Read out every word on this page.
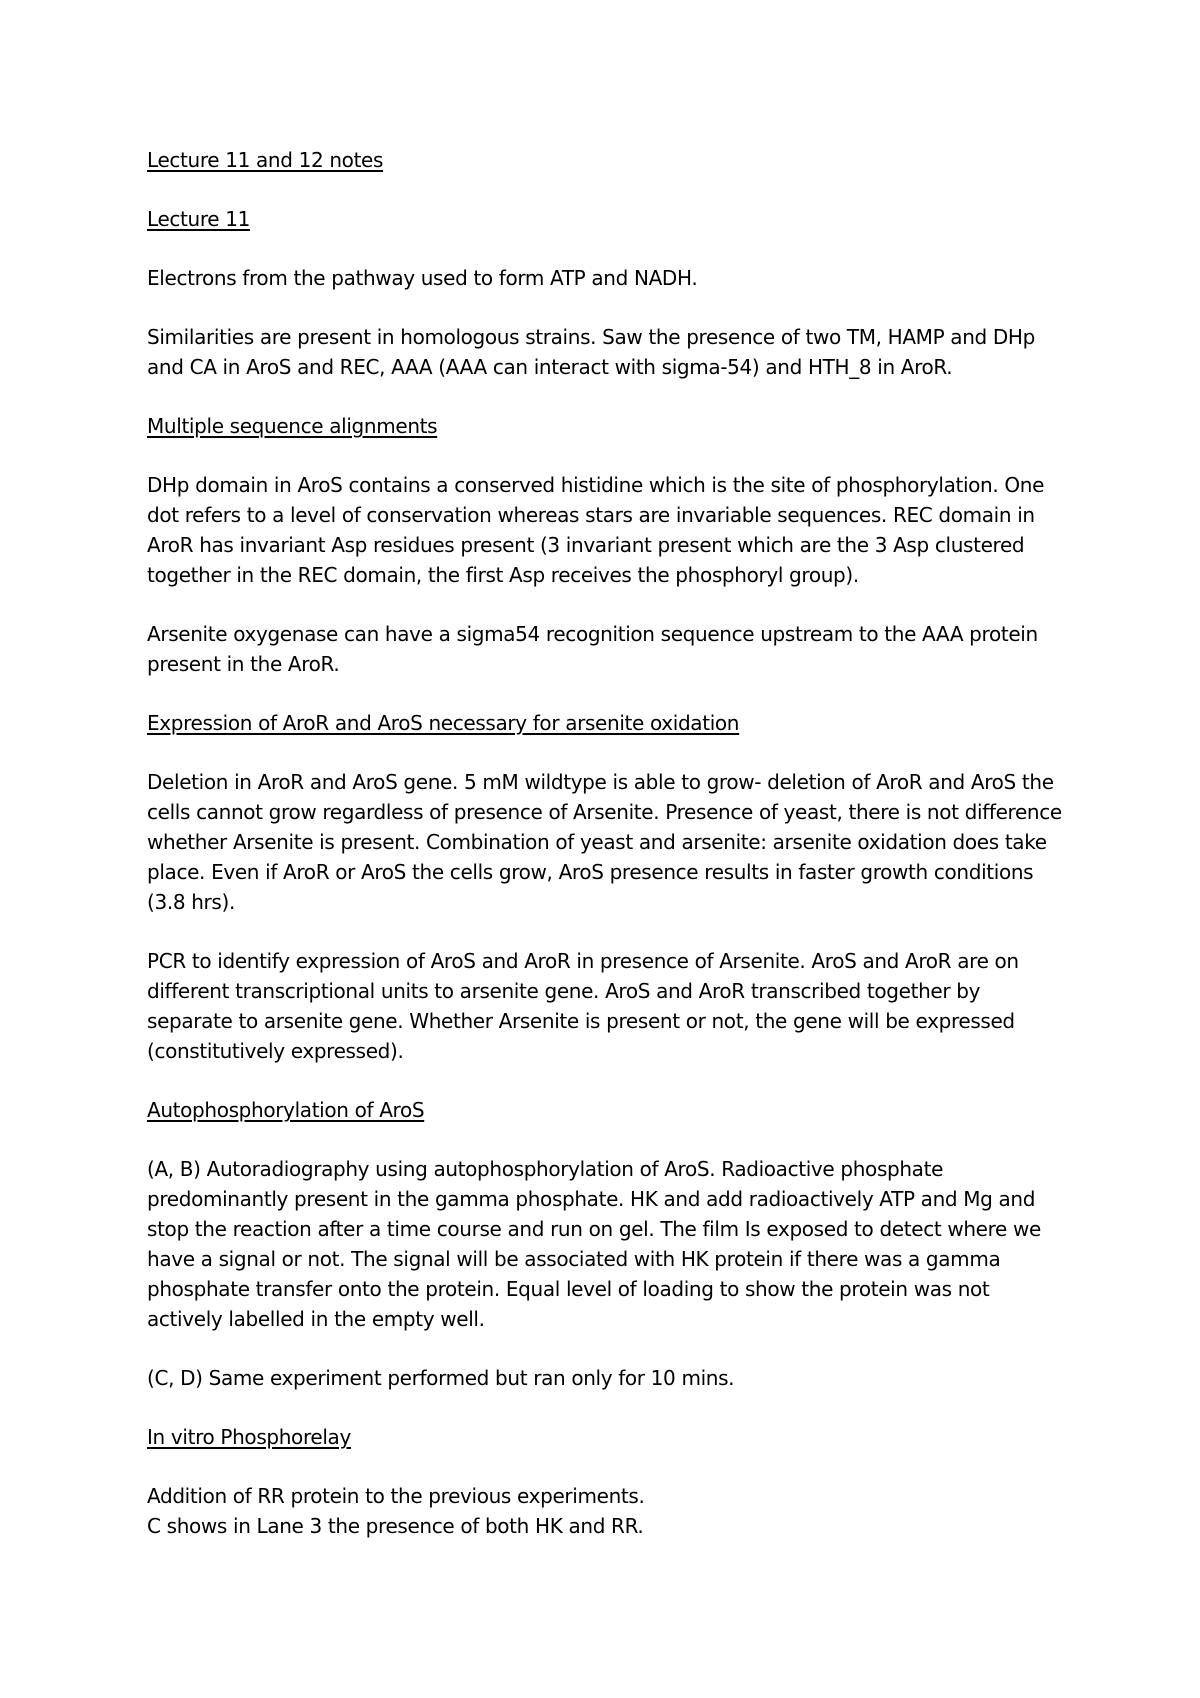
Lecture 11 and 12 notes
Lecture 11
Electrons from the pathway used to form ATP and NADH.
Similarities are present in homologous strains. Saw the presence of two TM, HAMP and DHp and CA in AroS and REC, AAA (AAA can interact with sigma-54) and HTH_8 in AroR.
Multiple sequence alignments
DHp domain in AroS contains a conserved histidine which is the site of phosphorylation. One dot refers to a level of conservation whereas stars are invariable sequences. REC domain in AroR has invariant Asp residues present (3 invariant present which are the 3 Asp clustered together in the REC domain, the first Asp receives the phosphoryl group).
Arsenite oxygenase can have a sigma54 recognition sequence upstream to the AAA protein present in the AroR.
Expression of AroR and AroS necessary for arsenite oxidation
Deletion in AroR and AroS gene. 5 mM wildtype is able to grow- deletion of AroR and AroS the cells cannot grow regardless of presence of Arsenite. Presence of yeast, there is not difference whether Arsenite is present. Combination of yeast and arsenite: arsenite oxidation does take place. Even if AroR or AroS the cells grow, AroS presence results in faster growth conditions (3.8 hrs).
PCR to identify expression of AroS and AroR in presence of Arsenite. AroS and AroR are on different transcriptional units to arsenite gene. AroS and AroR transcribed together by separate to arsenite gene. Whether Arsenite is present or not, the gene will be expressed (constitutively expressed).
Autophosphorylation of AroS
(A, B) Autoradiography using autophosphorylation of AroS. Radioactive phosphate predominantly present in the gamma phosphate. HK and add radioactively ATP and Mg and stop the reaction after a time course and run on gel. The film Is exposed to detect where we have a signal or not. The signal will be associated with HK protein if there was a gamma phosphate transfer onto the protein. Equal level of loading to show the protein was not actively labelled in the empty well.
(C, D) Same experiment performed but ran only for 10 mins.
In vitro Phosphorelay
Addition of RR protein to the previous experiments.
C shows in Lane 3 the presence of both HK and RR.
